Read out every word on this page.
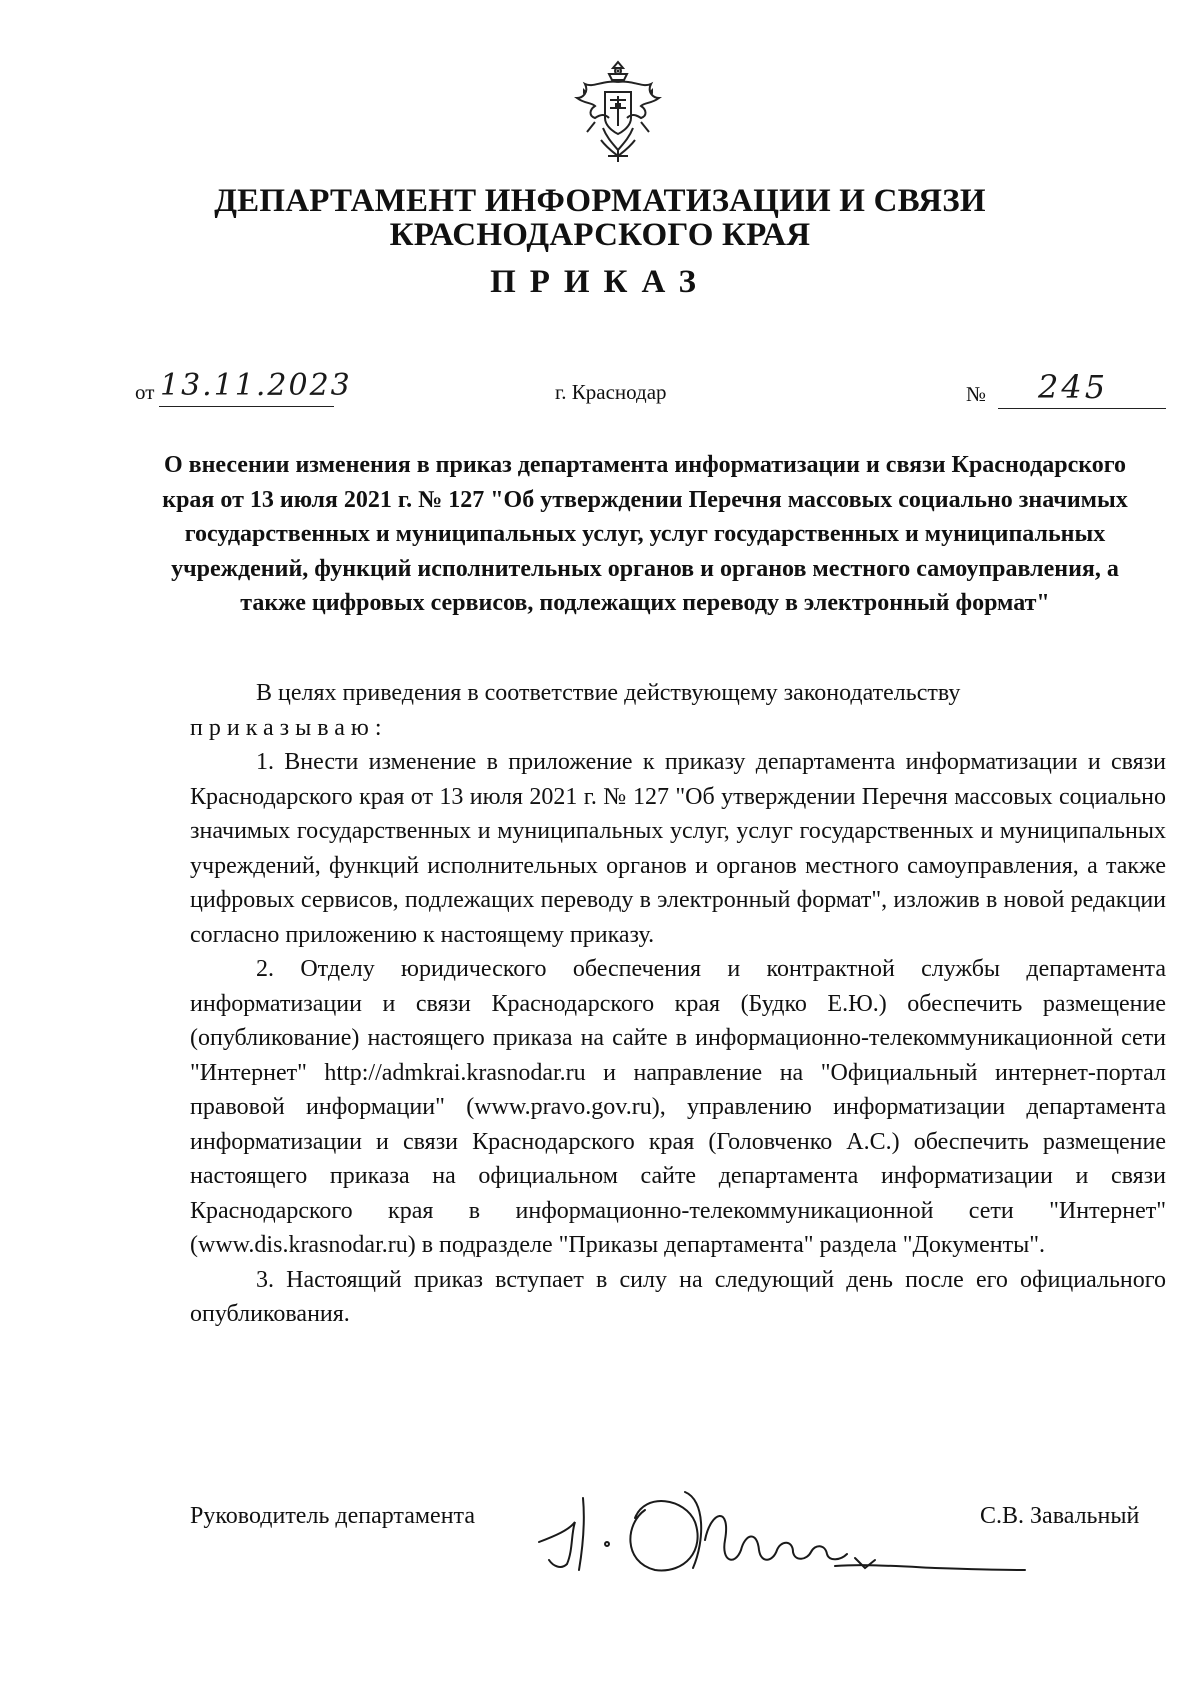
ДЕПАРТАМЕНТ ИНФОРМАТИЗАЦИИ И СВЯЗИ
КРАСНОДАРСКОГО КРАЯ
ПРИКАЗ
от 13.11.2023	г. Краснодар	№ 245
О внесении изменения в приказ департамента информатизации и связи Краснодарского края от 13 июля 2021 г. № 127 "Об утверждении Перечня массовых социально значимых государственных и муниципальных услуг, услуг государственных и муниципальных учреждений, функций исполнительных органов и органов местного самоуправления, а также цифровых сервисов, подлежащих переводу в электронный формат"

В целях приведения в соответствие действующему законодательству

приказываю:

1. Внести изменение в приложение к приказу департамента информатизации и связи Краснодарского края от 13 июля 2021 г. № 127 "Об утверждении Перечня массовых социально значимых государственных и муниципальных услуг, услуг государственных и муниципальных учреждений, функций исполнительных органов и органов местного самоуправления, а также цифровых сервисов, подлежащих переводу в электронный формат", изложив в новой редакции согласно приложению к настоящему приказу.

2. Отделу юридического обеспечения и контрактной службы департамента информатизации и связи Краснодарского края (Будко Е.Ю.) обеспечить размещение (опубликование) настоящего приказа на сайте в информационно-телекоммуникационной сети "Интернет" http://admkrai.krasnodar.ru и направление на "Официальный интернет-портал правовой информации" (www.pravo.gov.ru), управлению информатизации департамента информатизации и связи Краснодарского края (Головченко А.С.) обеспечить размещение настоящего приказа на официальном сайте департамента информатизации и связи Краснодарского края в информационно-телекоммуникационной сети "Интернет" (www.dis.krasnodar.ru) в подразделе "Приказы департамента" раздела "Документы".

3. Настоящий приказ вступает в силу на следующий день после его официального опубликования.

Руководитель департамента	С.В. Завальный
